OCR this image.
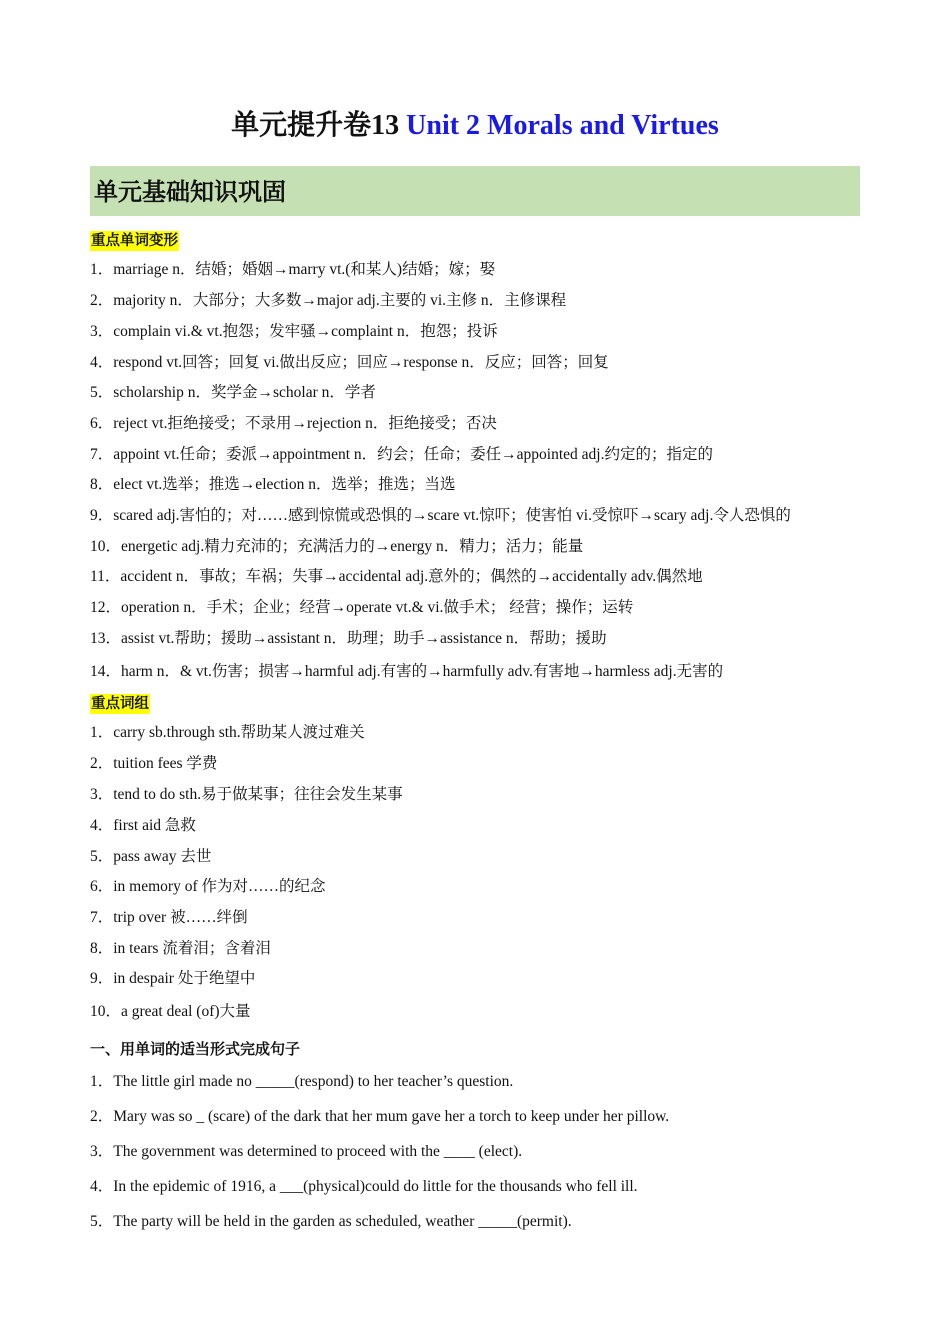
单元提升卷13 Unit 2 Morals and Virtues
单元基础知识巩固
重点单词变形
1．marriage n．结婚；婚姻→marry vt.(和某人)结婚；嫁；娶
2．majority n．大部分；大多数→major adj.主要的 vi.主修 n．主修课程
3．complain vi.& vt.抱怨；发牢骚→complaint n．抱怨；投诉
4．respond vt.回答；回复 vi.做出反应；回应→response n．反应；回答；回复
5．scholarship n．奖学金→scholar n．学者
6．reject vt.拒绝接受；不录用→rejection n．拒绝接受；否决
7．appoint vt.任命；委派→appointment n．约会；任命；委任→appointed adj.约定的；指定的
8．elect vt.选举；推选→election n．选举；推选；当选
9．scared adj.害怕的；对……感到惊慌或恐惧的→scare vt.惊吓；使害怕 vi.受惊吓→scary adj.令人恐惧的
10．energetic adj.精力充沛的；充满活力的→energy n．精力；活力；能量
11．accident n．事故；车祸；失事→accidental adj.意外的；偶然的→accidentally adv.偶然地
12．operation n．手术；企业；经营→operate vt.& vi.做手术； 经营；操作；运转
13．assist vt.帮助；援助→assistant n．助理；助手→assistance n．帮助；援助
14．harm n．& vt.伤害；损害→harmful adj.有害的→harmfully adv.有害地→harmless adj.无害的
重点词组
1．carry sb.through sth.帮助某人渡过难关
2．tuition fees 学费
3．tend to do sth.易于做某事；往往会发生某事
4．first aid 急救
5．pass away 去世
6．in memory of 作为对……的纪念
7．trip over 被……绊倒
8．in tears 流着泪；含着泪
9．in despair 处于绝望中
10．a great deal (of)大量
一、用单词的适当形式完成句子
1．The little girl made no _____(respond) to her teacher’s question.
2．Mary was so _ (scare) of the dark that her mum gave her a torch to keep under her pillow.
3．The government was determined to proceed with the ____ (elect).
4．In the epidemic of 1916, a ___(physical)could do little for the thousands who fell ill.
5．The party will be held in the garden as scheduled, weather _____(permit).
